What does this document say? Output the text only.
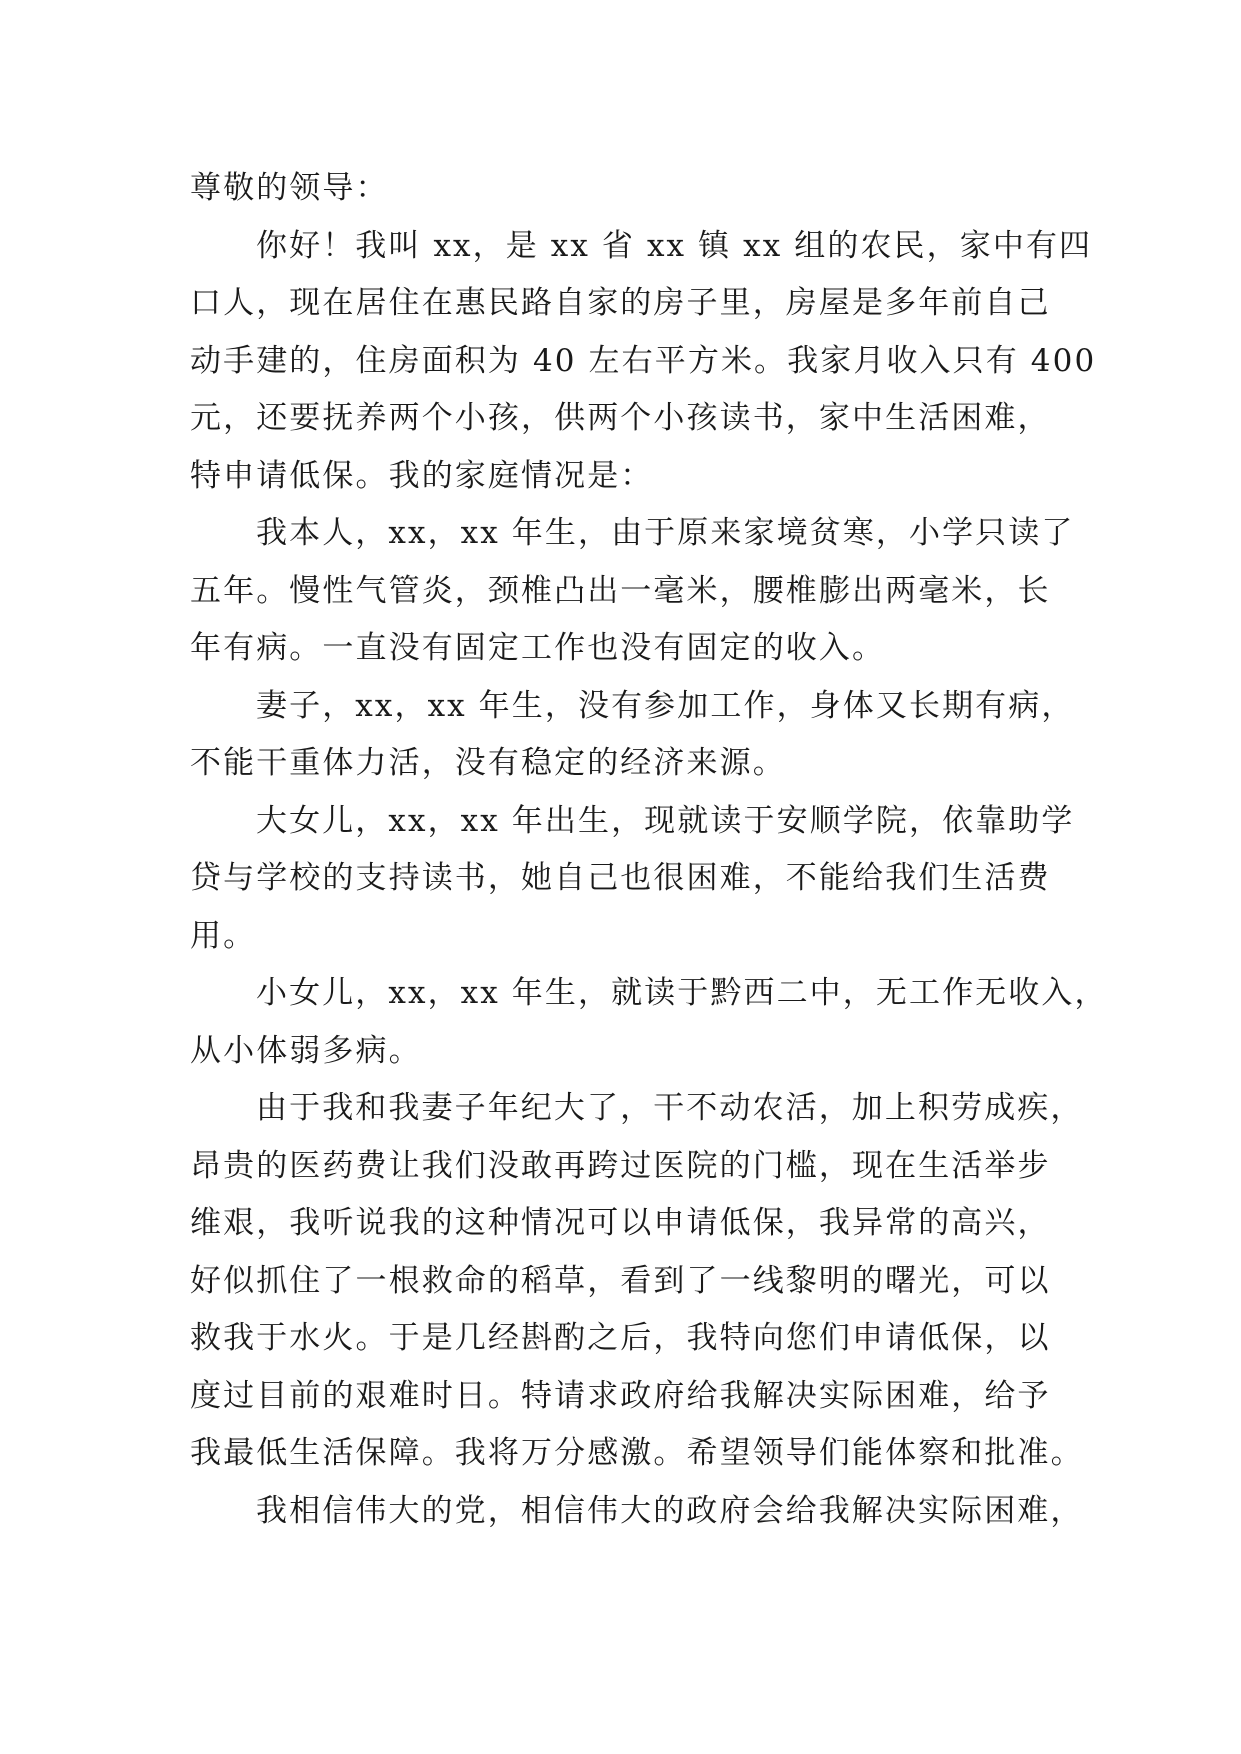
尊敬的领导：

你好！我叫 xx，是 xx 省 xx 镇 xx 组的农民，家中有四
口人，现在居住在惠民路自家的房子里，房屋是多年前自己
动手建的，住房面积为 40 左右平方米。我家月收入只有 400
元，还要抚养两个小孩，供两个小孩读书，家中生活困难，
特申请低保。我的家庭情况是：

我本人，xx，xx 年生，由于原来家境贫寒，小学只读了
五年。慢性气管炎，颈椎凸出一毫米，腰椎膨出两毫米，长
年有病。一直没有固定工作也没有固定的收入。

妻子，xx，xx 年生，没有参加工作，身体又长期有病，
不能干重体力活，没有稳定的经济来源。

大女儿，xx，xx 年出生，现就读于安顺学院，依靠助学
贷与学校的支持读书，她自己也很困难，不能给我们生活费
用。

小女儿，xx，xx 年生，就读于黔西二中，无工作无收入，
从小体弱多病。

由于我和我妻子年纪大了，干不动农活，加上积劳成疾，
昂贵的医药费让我们没敢再跨过医院的门槛，现在生活举步
维艰，我听说我的这种情况可以申请低保，我异常的高兴，
好似抓住了一根救命的稻草，看到了一线黎明的曙光，可以
救我于水火。于是几经斟酌之后，我特向您们申请低保，以
度过目前的艰难时日。特请求政府给我解决实际困难，给予
我最低生活保障。我将万分感激。希望领导们能体察和批准。

我相信伟大的党，相信伟大的政府会给我解决实际困难，
